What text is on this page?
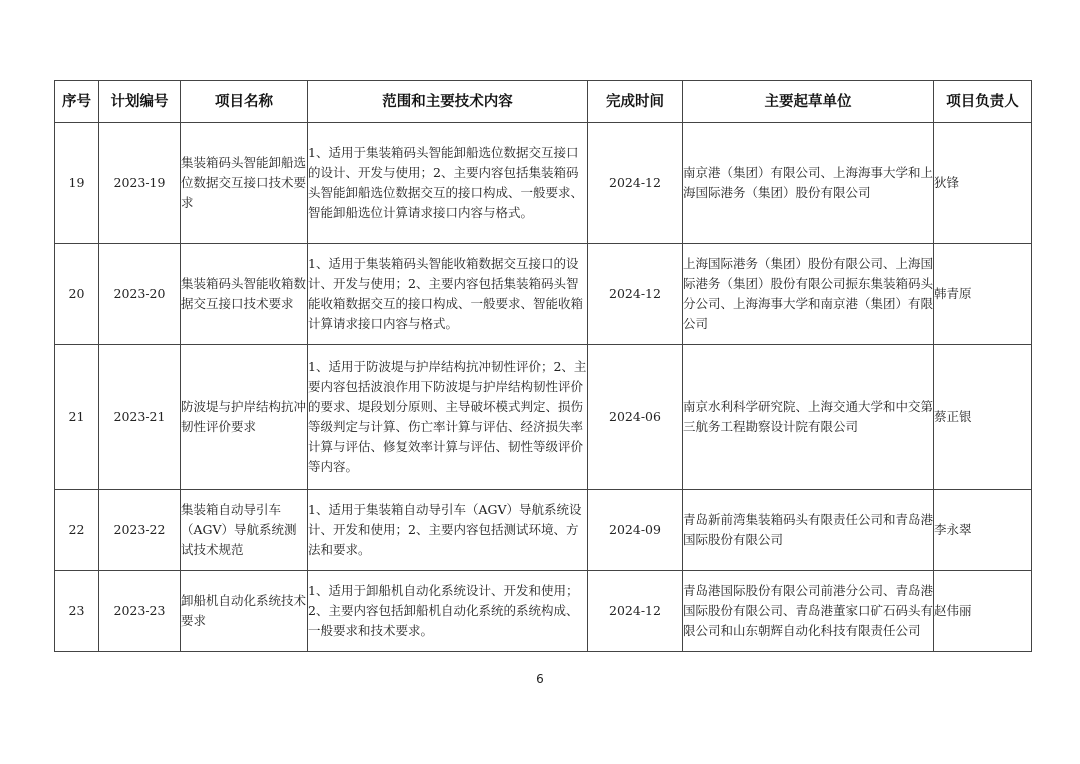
序号	计划编号	项目名称	范围和主要技术内容	完成时间	主要起草单位	项目负责人
19	2023-19	集装箱码头智能卸船选位数据交互接口技术要求	1、适用于集装箱码头智能卸船选位数据交互接口的设计、开发与使用；2、主要内容包括集装箱码头智能卸船选位数据交互的接口构成、一般要求、智能卸船选位计算请求接口内容与格式。	2024-12	南京港（集团）有限公司、上海海事大学和上海国际港务（集团）股份有限公司	狄锋
20	2023-20	集装箱码头智能收箱数据交互接口技术要求	1、适用于集装箱码头智能收箱数据交互接口的设计、开发与使用；2、主要内容包括集装箱码头智能收箱数据交互的接口构成、一般要求、智能收箱计算请求接口内容与格式。	2024-12	上海国际港务（集团）股份有限公司、上海国际港务（集团）股份有限公司振东集装箱码头分公司、上海海事大学和南京港（集团）有限公司	韩青原
21	2023-21	防波堤与护岸结构抗冲韧性评价要求	1、适用于防波堤与护岸结构抗冲韧性评价；2、主要内容包括波浪作用下防波堤与护岸结构韧性评价的要求、堤段划分原则、主导破坏模式判定、损伤等级判定与计算、伤亡率计算与评估、经济损失率计算与评估、修复效率计算与评估、韧性等级评价等内容。	2024-06	南京水利科学研究院、上海交通大学和中交第三航务工程勘察设计院有限公司	蔡正银
22	2023-22	集装箱自动导引车（AGV）导航系统测试技术规范	1、适用于集装箱自动导引车（AGV）导航系统设计、开发和使用；2、主要内容包括测试环境、方法和要求。	2024-09	青岛新前湾集装箱码头有限责任公司和青岛港国际股份有限公司	李永翠
23	2023-23	卸船机自动化系统技术要求	1、适用于卸船机自动化系统设计、开发和使用；2、主要内容包括卸船机自动化系统的系统构成、一般要求和技术要求。	2024-12	青岛港国际股份有限公司前港分公司、青岛港国际股份有限公司、青岛港董家口矿石码头有限公司和山东朝辉自动化科技有限责任公司	赵伟丽
6
